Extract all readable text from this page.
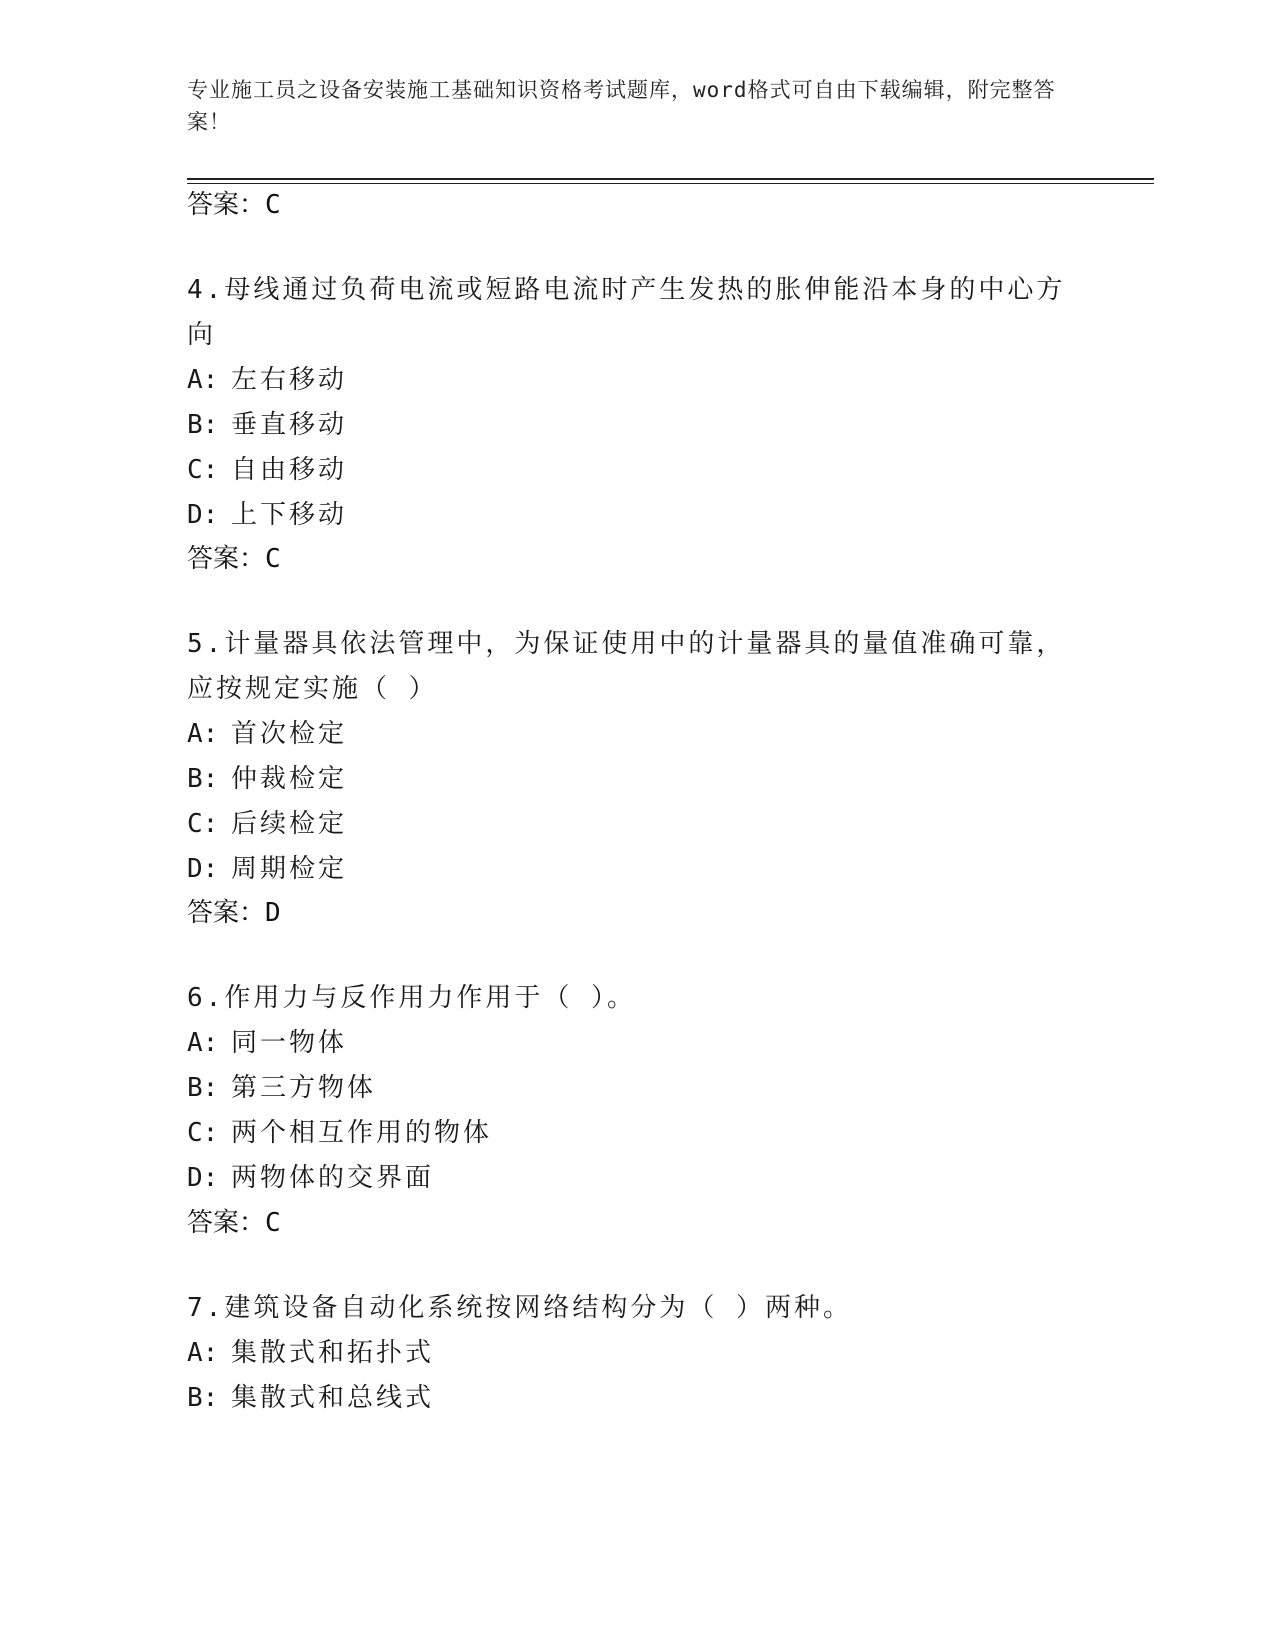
专业施工员之设备安装施工基础知识资格考试题库，word格式可自由下载编辑，附完整答案！
答案：C
4.母线通过负荷电流或短路电流时产生发热的胀伸能沿本身的中心方向
A: 左右移动
B: 垂直移动
C: 自由移动
D: 上下移动
答案：C
5.计量器具依法管理中，为保证使用中的计量器具的量值准确可靠，应按规定实施（ ）
A: 首次检定
B: 仲裁检定
C: 后续检定
D: 周期检定
答案：D
6.作用力与反作用力作用于（ ）。
A: 同一物体
B: 第三方物体
C: 两个相互作用的物体
D: 两物体的交界面
答案：C
7.建筑设备自动化系统按网络结构分为（ ）两种。
A: 集散式和拓扑式
B: 集散式和总线式
